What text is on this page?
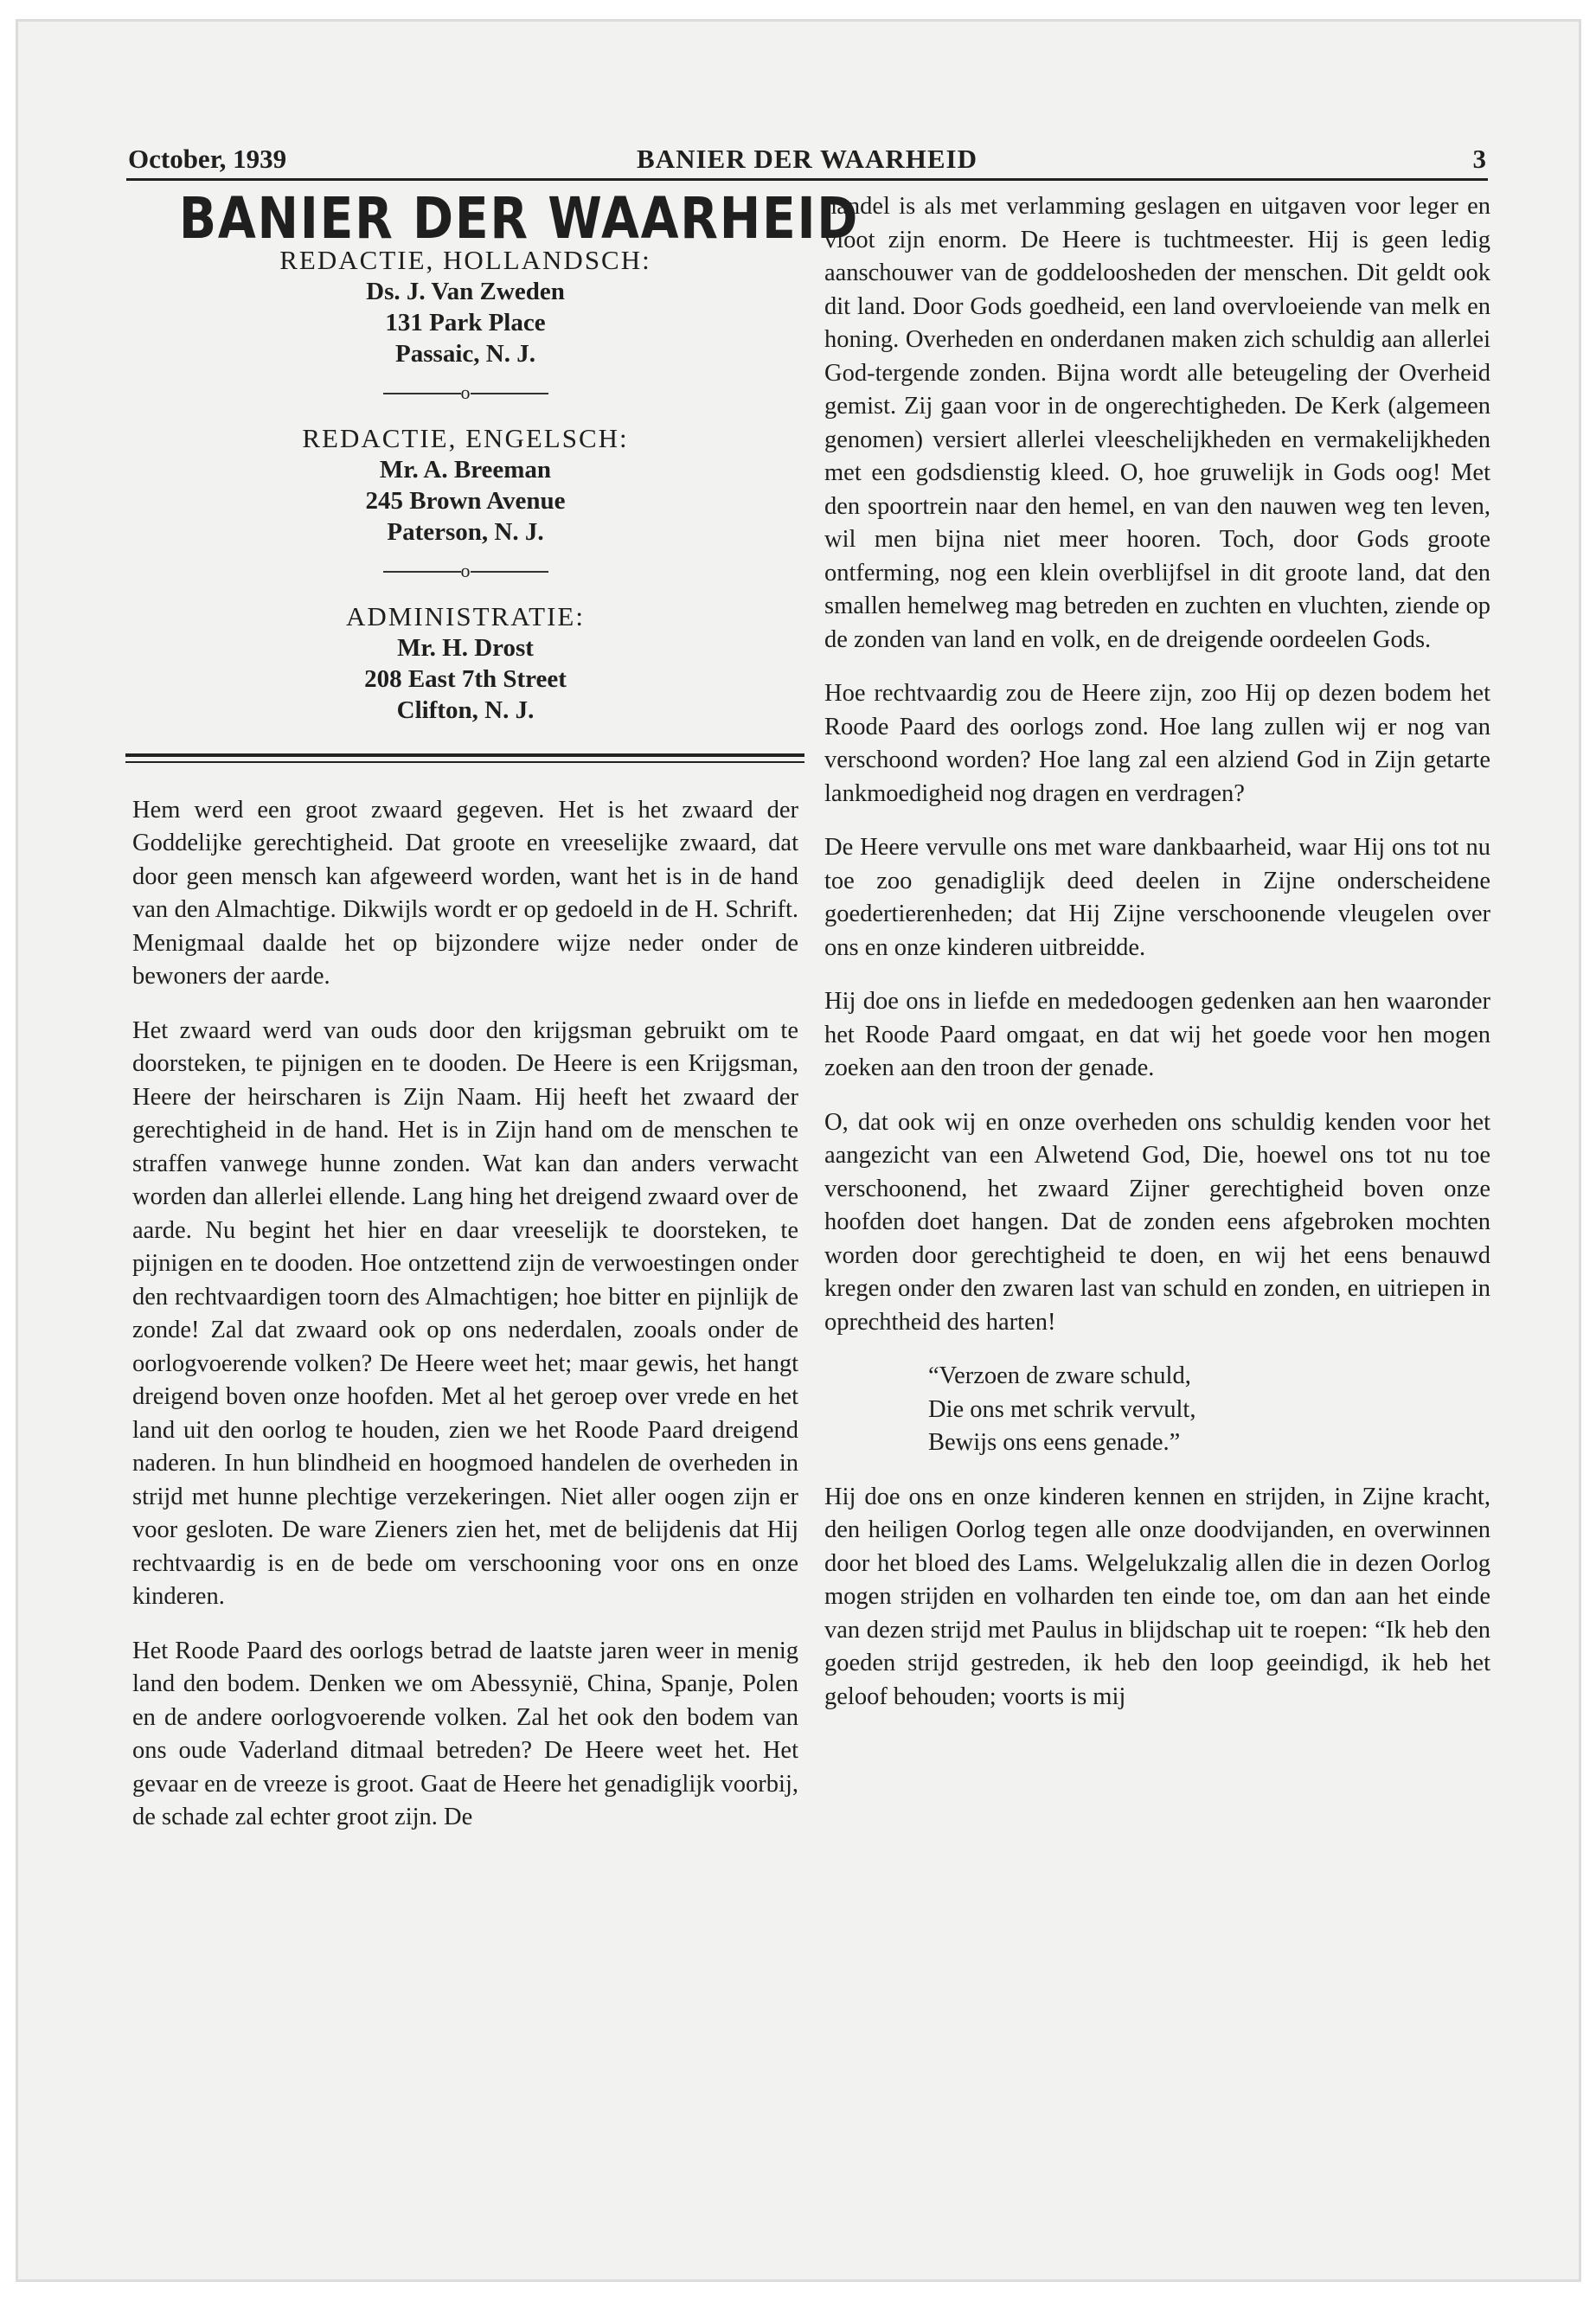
October, 1939	BANIER DER WAARHEID	3
BANIER DER WAARHEID
REDACTIE, HOLLANDSCH:
Ds. J. Van Zweden
131 Park Place
Passaic, N. J.
o
REDACTIE, ENGELSCH:
Mr. A. Breeman
245 Brown Avenue
Paterson, N. J.
o
ADMINISTRATIE:
Mr. H. Drost
208 East 7th Street
Clifton, N. J.

Hem werd een groot zwaard gegeven. Het is het zwaard der Goddelijke gerechtigheid. Dat groote en vreeselijke zwaard, dat door geen mensch kan afgeweerd worden, want het is in de hand van den Almachtige. Dikwijls wordt er op gedoeld in de H. Schrift. Menigmaal daalde het op bijzondere wijze neder onder de bewoners der aarde.

Het zwaard werd van ouds door den krijgsman gebruikt om te doorsteken, te pijnigen en te dooden. De Heere is een Krijgsman, Heere der heirscharen is Zijn Naam. Hij heeft het zwaard der gerechtigheid in de hand. Het is in Zijn hand om de menschen te straffen vanwege hunne zonden. Wat kan dan anders verwacht worden dan allerlei ellende. Lang hing het dreigend zwaard over de aarde. Nu begint het hier en daar vreeselijk te doorsteken, te pijnigen en te dooden. Hoe ontzettend zijn de verwoestingen onder den rechtvaardigen toorn des Almachtigen; hoe bitter en pijnlijk de zonde! Zal dat zwaard ook op ons nederdalen, zooals onder de oorlogvoerende volken? De Heere weet het; maar gewis, het hangt dreigend boven onze hoofden. Met al het geroep over vrede en het land uit den oorlog te houden, zien we het Roode Paard dreigend naderen. In hun blindheid en hoogmoed handelen de overheden in strijd met hunne plechtige verzekeringen. Niet aller oogen zijn er voor gesloten. De ware Zieners zien het, met de belijdenis dat Hij rechtvaardig is en de bede om verschooning voor ons en onze kinderen.

Het Roode Paard des oorlogs betrad de laatste jaren weer in menig land den bodem. Denken we om Abessynië, China, Spanje, Polen en de andere oorlogvoerende volken. Zal het ook den bodem van ons oude Vaderland ditmaal betreden? De Heere weet het. Het gevaar en de vreeze is groot. Gaat de Heere het genadiglijk voorbij, de schade zal echter groot zijn. De

handel is als met verlamming geslagen en uitgaven voor leger en vloot zijn enorm. De Heere is tuchtmeester. Hij is geen ledig aanschouwer van de goddeloosheden der menschen. Dit geldt ook dit land. Door Gods goedheid, een land overvloeiende van melk en honing. Overheden en onderdanen maken zich schuldig aan allerlei God-tergende zonden. Bijna wordt alle beteugeling der Overheid gemist. Zij gaan voor in de ongerechtigheden. De Kerk (algemeen genomen) versiert allerlei vleeschelijkheden en vermakelijkheden met een godsdienstig kleed. O, hoe gruwelijk in Gods oog! Met den spoortrein naar den hemel, en van den nauwen weg ten leven, wil men bijna niet meer hooren. Toch, door Gods groote ontferming, nog een klein overblijfsel in dit groote land, dat den smallen hemelweg mag betreden en zuchten en vluchten, ziende op de zonden van land en volk, en de dreigende oordeelen Gods.

Hoe rechtvaardig zou de Heere zijn, zoo Hij op dezen bodem het Roode Paard des oorlogs zond. Hoe lang zullen wij er nog van verschoond worden? Hoe lang zal een alziend God in Zijn getarte lankmoedigheid nog dragen en verdragen?

De Heere vervulle ons met ware dankbaarheid, waar Hij ons tot nu toe zoo genadiglijk deed deelen in Zijne onderscheidene goedertierenheden; dat Hij Zijne verschoonende vleugelen over ons en onze kinderen uitbreidde.

Hij doe ons in liefde en mededoogen gedenken aan hen waaronder het Roode Paard omgaat, en dat wij het goede voor hen mogen zoeken aan den troon der genade.

O, dat ook wij en onze overheden ons schuldig kenden voor het aangezicht van een Alwetend God, Die, hoewel ons tot nu toe verschoonend, het zwaard Zijner gerechtigheid boven onze hoofden doet hangen. Dat de zonden eens afgebroken mochten worden door gerechtigheid te doen, en wij het eens benauwd kregen onder den zwaren last van schuld en zonden, en uitriepen in oprechtheid des harten!

“Verzoen de zware schuld,
Die ons met schrik vervult,
Bewijs ons eens genade.”

Hij doe ons en onze kinderen kennen en strijden, in Zijne kracht, den heiligen Oorlog tegen alle onze doodvijanden, en overwinnen door het bloed des Lams. Welgelukzalig allen die in dezen Oorlog mogen strijden en volharden ten einde toe, om dan aan het einde van dezen strijd met Paulus in blijdschap uit te roepen: “Ik heb den goeden strijd gestreden, ik heb den loop geeindigd, ik heb het geloof behouden; voorts is mij
